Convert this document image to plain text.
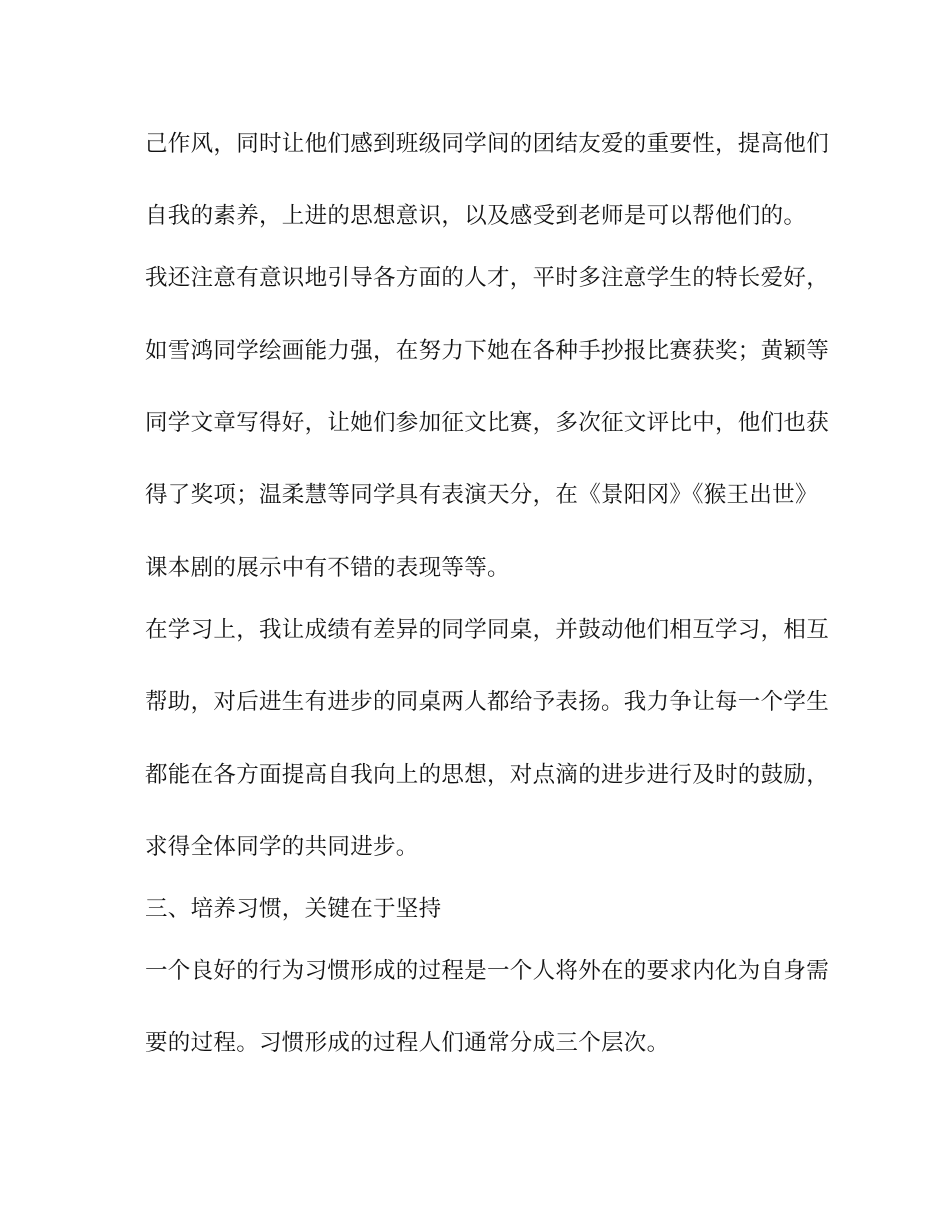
己作风，同时让他们感到班级同学间的团结友爱的重要性，提高他们
自我的素养，上进的思想意识，以及感受到老师是可以帮他们的。
我还注意有意识地引导各方面的人才，平时多注意学生的特长爱好，
如雪鸿同学绘画能力强，在努力下她在各种手抄报比赛获奖；黄颖等
同学文章写得好，让她们参加征文比赛，多次征文评比中，他们也获
得了奖项；温柔慧等同学具有表演天分，在《景阳冈》《猴王出世》
课本剧的展示中有不错的表现等等。
在学习上，我让成绩有差异的同学同桌，并鼓动他们相互学习，相互
帮助，对后进生有进步的同桌两人都给予表扬。我力争让每一个学生
都能在各方面提高自我向上的思想，对点滴的进步进行及时的鼓励，
求得全体同学的共同进步。
三、培养习惯，关键在于坚持
一个良好的行为习惯形成的过程是一个人将外在的要求内化为自身需
要的过程。习惯形成的过程人们通常分成三个层次。
